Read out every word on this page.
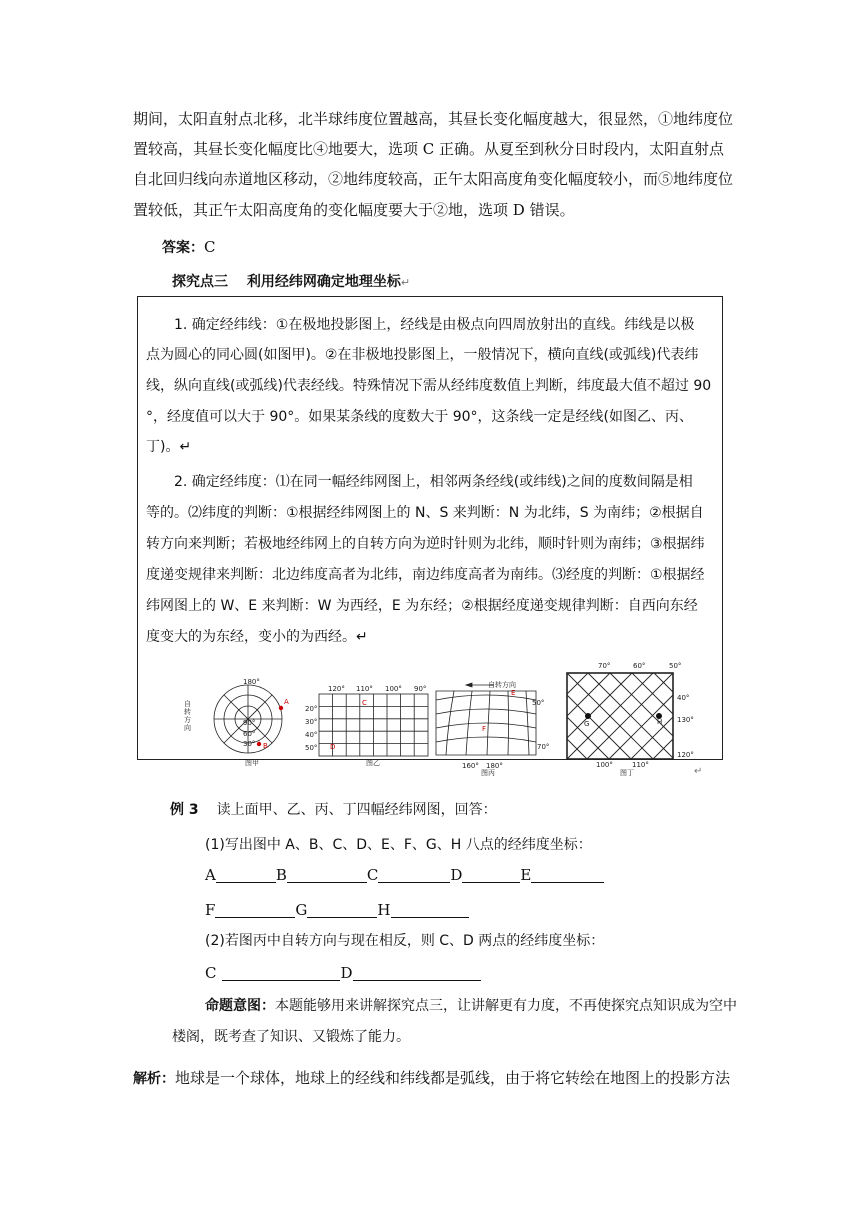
期间，太阳直射点北移，北半球纬度位置越高，其昼长变化幅度越大，很显然，①地纬度位
置较高，其昼长变化幅度比④地要大，选项 C 正确。从夏至到秋分日时段内，太阳直射点
自北回归线向赤道地区移动，②地纬度较高，正午太阳高度角变化幅度较小，而⑤地纬度位
置较低，其正午太阳高度角的变化幅度要大于②地，选项 D 错误。
答案：C
探究点三　 利用经纬网确定地理坐标↵
1. 确定经纬线：①在极地投影图上，经线是由极点向四周放射出的直线。纬线是以极
点为圆心的同心圆(如图甲)。②在非极地投影图上，一般情况下，横向直线(或弧线)代表纬
线，纵向直线(或弧线)代表经线。特殊情况下需从经纬度数值上判断，纬度最大值不超过 90
°，经度值可以大于 90°。如果某条线的度数大于 90°，这条线一定是经线(如图乙、丙、
丁)。↵
2. 确定经纬度：⑴在同一幅经纬网图上，相邻两条经线(或纬线)之间的度数间隔是相
等的。⑵纬度的判断：①根据经纬网图上的 N、S 来判断：N 为北纬，S 为南纬；②根据自
转方向来判断；若极地经纬网上的自转方向为逆时针则为北纬，顺时针则为南纬；③根据纬
度递变规律来判断：北边纬度高者为北纬，南边纬度高者为南纬。⑶经度的判断：①根据经
纬网图上的 W、E 来判断：W 为西经，E 为东经；②根据经度递变规律判断：自西向东经
度变大的为东经，变小的为西经。↵
180°
90°
60°
30°
A
B
自转方向
图甲
120° 110° 100° 90°
20°
30°
40°
50°
C
D
图乙
自转方向
50°
70°
160° 180°
E
F
图丙
70°	60°	50°
40°
130°
120°
100°	110°
G	H
图丁	↵
例 3 读上面甲、乙、丙、丁四幅经纬网图，回答：
(1)写出图中 A、B、C、D、E、F、G、H 八点的经纬度坐标：
A	B	C	D	E
F	G	H
(2)若图丙中自转方向与现在相反，则 C、D 两点的经纬度坐标：
C	D
命题意图：本题能够用来讲解探究点三，让讲解更有力度，不再使探究点知识成为空中
楼阁，既考查了知识、又锻炼了能力。
解析：地球是一个球体，地球上的经线和纬线都是弧线，由于将它转绘在地图上的投影方法
